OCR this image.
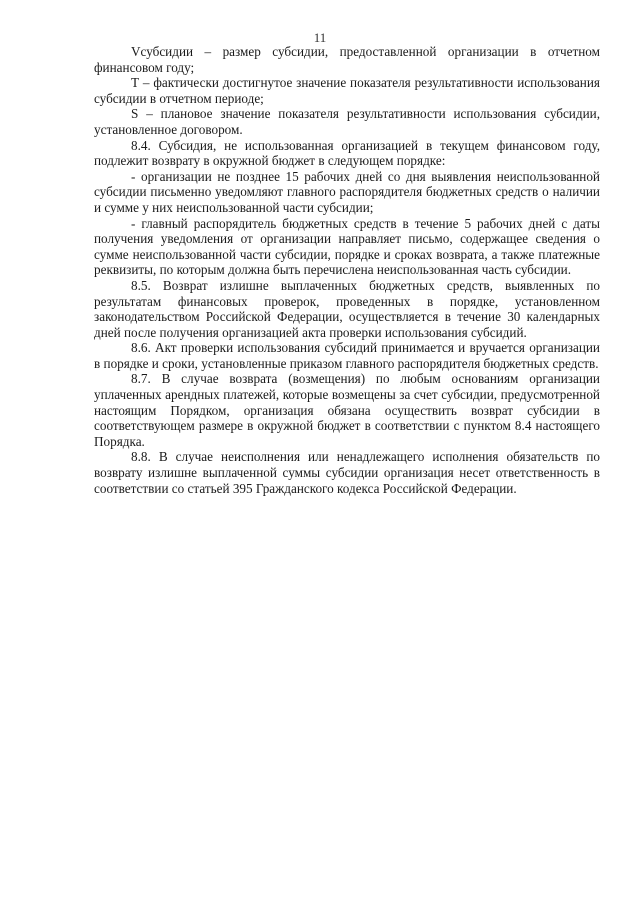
11

Vсубсидии – размер субсидии, предоставленной организации в отчетном финансовом году;

Т – фактически достигнутое значение показателя результативности использования субсидии в отчетном периоде;

S – плановое значение показателя результативности использования субсидии, установленное договором.

8.4. Субсидия, не использованная организацией в текущем финансовом году, подлежит возврату в окружной бюджет в следующем порядке:

- организации не позднее 15 рабочих дней со дня выявления неиспользованной субсидии письменно уведомляют главного распорядителя бюджетных средств о наличии и сумме у них неиспользованной части субсидии;

- главный распорядитель бюджетных средств в течение 5 рабочих дней с даты получения уведомления от организации направляет письмо, содержащее сведения о сумме неиспользованной части субсидии, порядке и сроках возврата, а также платежные реквизиты, по которым должна быть перечислена неиспользованная часть субсидии.

8.5. Возврат излишне выплаченных бюджетных средств, выявленных по результатам финансовых проверок, проведенных в порядке, установленном законодательством Российской Федерации, осуществляется в течение 30 календарных дней после получения организацией акта проверки использования субсидий.

8.6. Акт проверки использования субсидий принимается и вручается организации в порядке и сроки, установленные приказом главного распорядителя бюджетных средств.

8.7. В случае возврата (возмещения) по любым основаниям организации уплаченных арендных платежей, которые возмещены за счет субсидии, предусмотренной настоящим Порядком, организация обязана осуществить возврат субсидии в соответствующем размере в окружной бюджет в соответствии с пунктом 8.4 настоящего Порядка.

8.8. В случае неисполнения или ненадлежащего исполнения обязательств по возврату излишне выплаченной суммы субсидии организация несет ответственность в соответствии со статьей 395 Гражданского кодекса Российской Федерации.
